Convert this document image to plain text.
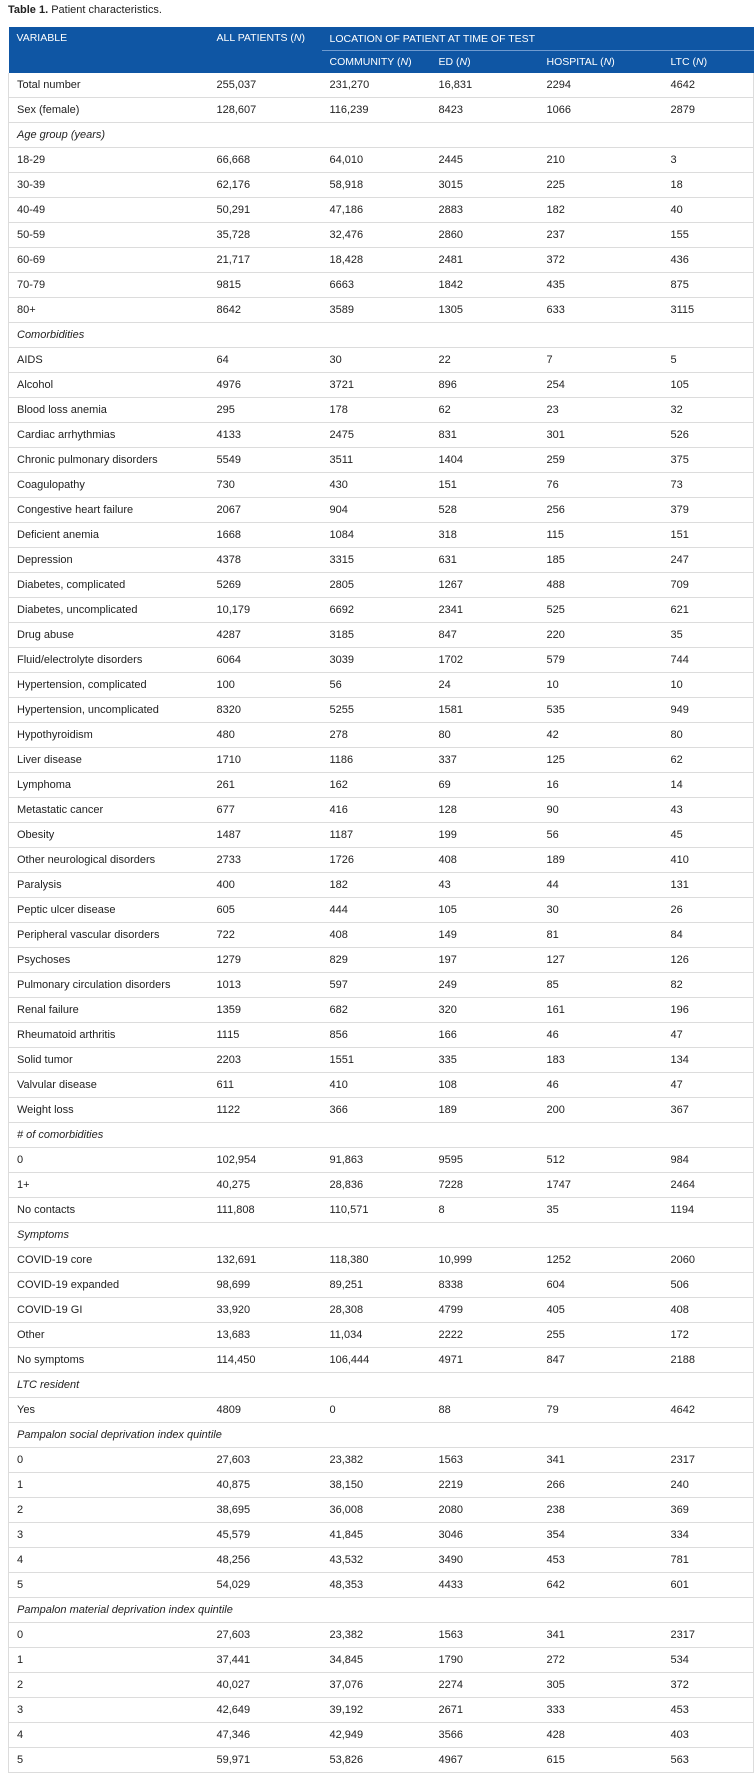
Table 1. Patient characteristics.
VARIABLE	ALL PATIENTS (N)	LOCATION OF PATIENT AT TIME OF TEST			
		COMMUNITY (N)	ED (N)	HOSPITAL (N)	LTC (N)
Total number	255,037	231,270	16,831	2294	4642
Sex (female)	128,607	116,239	8423	1066	2879
Age group (years)					
18-29	66,668	64,010	2445	210	3
30-39	62,176	58,918	3015	225	18
40-49	50,291	47,186	2883	182	40
50-59	35,728	32,476	2860	237	155
60-69	21,717	18,428	2481	372	436
70-79	9815	6663	1842	435	875
80+	8642	3589	1305	633	3115
Comorbidities					
AIDS	64	30	22	7	5
Alcohol	4976	3721	896	254	105
Blood loss anemia	295	178	62	23	32
Cardiac arrhythmias	4133	2475	831	301	526
Chronic pulmonary disorders	5549	3511	1404	259	375
Coagulopathy	730	430	151	76	73
Congestive heart failure	2067	904	528	256	379
Deficient anemia	1668	1084	318	115	151
Depression	4378	3315	631	185	247
Diabetes, complicated	5269	2805	1267	488	709
Diabetes, uncomplicated	10,179	6692	2341	525	621
Drug abuse	4287	3185	847	220	35
Fluid/electrolyte disorders	6064	3039	1702	579	744
Hypertension, complicated	100	56	24	10	10
Hypertension, uncomplicated	8320	5255	1581	535	949
Hypothyroidism	480	278	80	42	80
Liver disease	1710	1186	337	125	62
Lymphoma	261	162	69	16	14
Metastatic cancer	677	416	128	90	43
Obesity	1487	1187	199	56	45
Other neurological disorders	2733	1726	408	189	410
Paralysis	400	182	43	44	131
Peptic ulcer disease	605	444	105	30	26
Peripheral vascular disorders	722	408	149	81	84
Psychoses	1279	829	197	127	126
Pulmonary circulation disorders	1013	597	249	85	82
Renal failure	1359	682	320	161	196
Rheumatoid arthritis	1115	856	166	46	47
Solid tumor	2203	1551	335	183	134
Valvular disease	611	410	108	46	47
Weight loss	1122	366	189	200	367
# of comorbidities					
0	102,954	91,863	9595	512	984
1+	40,275	28,836	7228	1747	2464
No contacts	111,808	110,571	8	35	1194
Symptoms					
COVID-19 core	132,691	118,380	10,999	1252	2060
COVID-19 expanded	98,699	89,251	8338	604	506
COVID-19 GI	33,920	28,308	4799	405	408
Other	13,683	11,034	2222	255	172
No symptoms	114,450	106,444	4971	847	2188
LTC resident					
Yes	4809	0	88	79	4642
Pampalon social deprivation index quintile					
0	27,603	23,382	1563	341	2317
1	40,875	38,150	2219	266	240
2	38,695	36,008	2080	238	369
3	45,579	41,845	3046	354	334
4	48,256	43,532	3490	453	781
5	54,029	48,353	4433	642	601
Pampalon material deprivation index quintile					
0	27,603	23,382	1563	341	2317
1	37,441	34,845	1790	272	534
2	40,027	37,076	2274	305	372
3	42,649	39,192	2671	333	453
4	47,346	42,949	3566	428	403
5	59,971	53,826	4967	615	563
